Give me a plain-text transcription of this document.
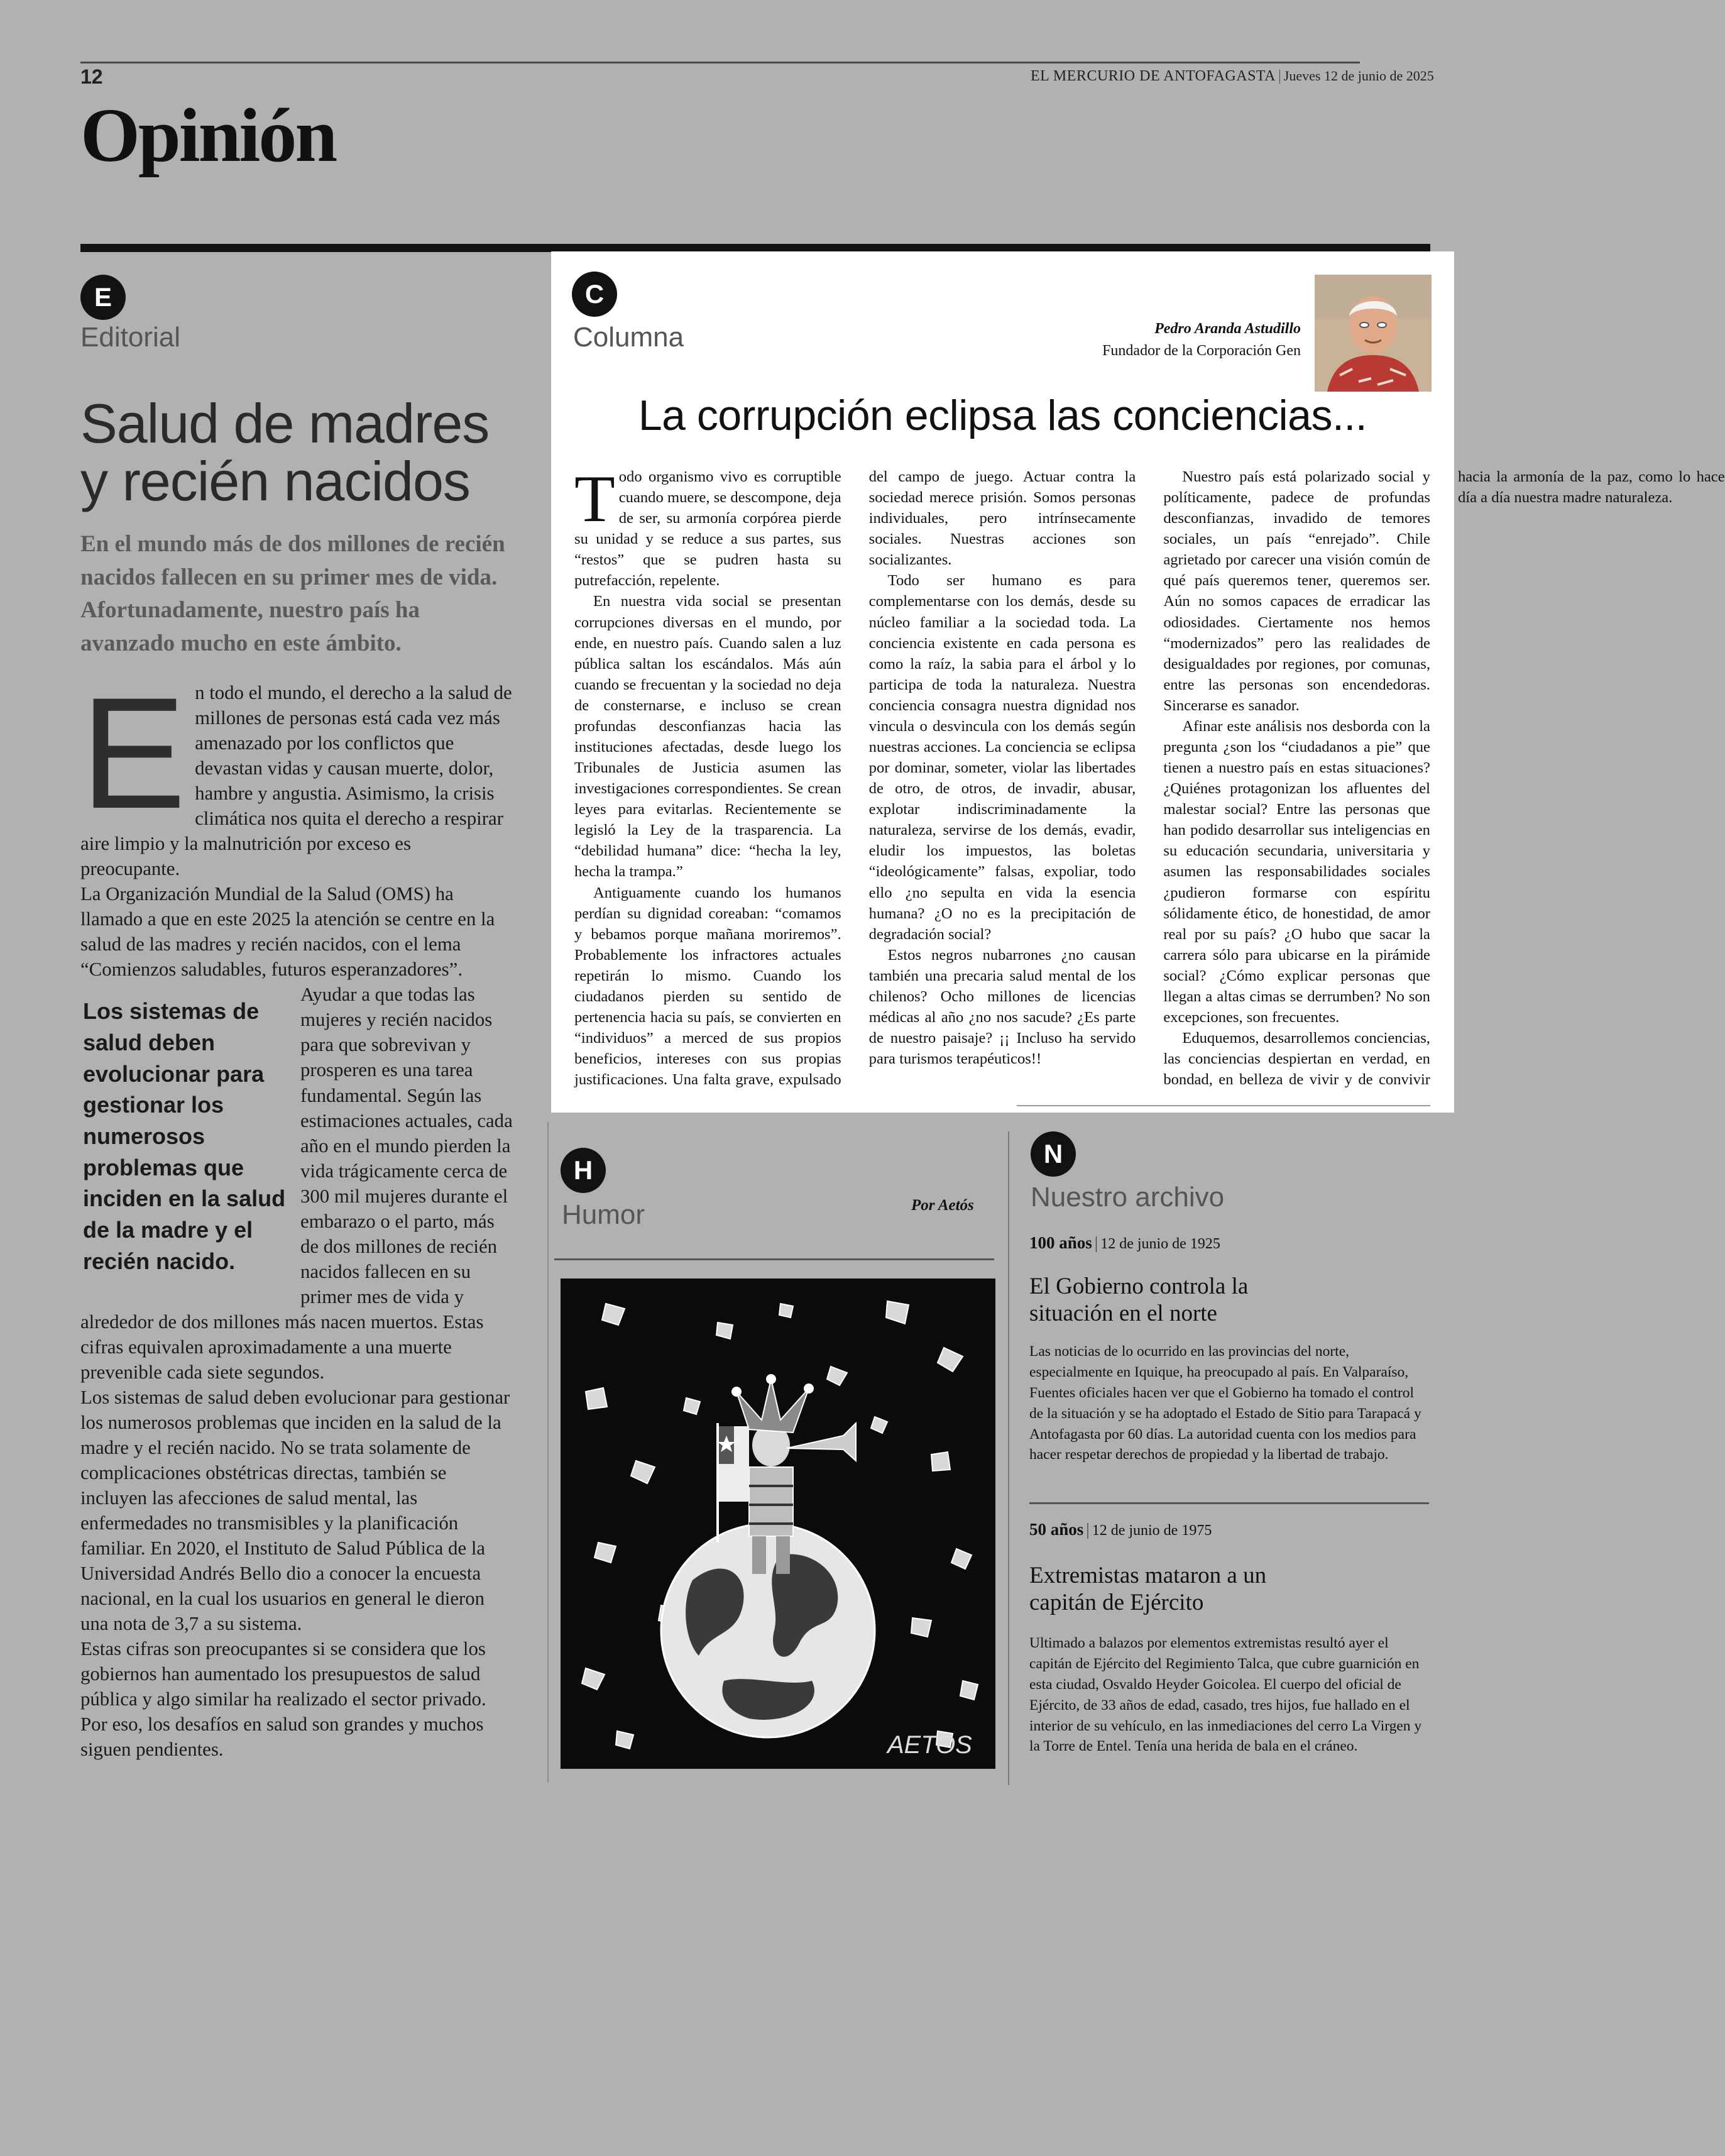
12	EL MERCURIO DE ANTOFAGASTA | Jueves 12 de junio de 2025
Opinión
E
Editorial
Salud de madres y recién nacidos
En el mundo más de dos millones de recién nacidos fallecen en su primer mes de vida. Afortunadamente, nuestro país ha avanzado mucho en este ámbito.

En todo el mundo, el derecho a la salud de millones de personas está cada vez más amenazado por los conflictos que devastan vidas y causan muerte, dolor, hambre y angustia. Asimismo, la crisis climática nos quita el derecho a respirar aire limpio y la malnutrición por exceso es preocupante.

La Organización Mundial de la Salud (OMS) ha llamado a que en este 2025 la atención se centre en la salud de las madres y recién nacidos, con el lema “Comienzos saludables, futuros esperanzadores”.

Los sistemas de salud deben evolucionar para gestionar los numerosos problemas que inciden en la salud de la madre y el recién nacido.

Ayudar a que todas las mujeres y recién nacidos para que sobrevivan y prosperen es una tarea fundamental. Según las estimaciones actuales, cada año en el mundo pierden la vida trágicamente cerca de 300 mil mujeres durante el embarazo o el parto, más de dos millones de recién nacidos fallecen en su primer mes de vida y alrededor de dos millones más nacen muertos. Estas cifras equivalen aproximadamente a una muerte prevenible cada siete segundos.

Los sistemas de salud deben evolucionar para gestionar los numerosos problemas que inciden en la salud de la madre y el recién nacido. No se trata solamente de complicaciones obstétricas directas, también se incluyen las afecciones de salud mental, las enfermedades no transmisibles y la planificación familiar. En 2020, el Instituto de Salud Pública de la Universidad Andrés Bello dio a conocer la encuesta nacional, en la cual los usuarios en general le dieron una nota de 3,7 a su sistema.

Estas cifras son preocupantes si se considera que los gobiernos han aumentado los presupuestos de salud pública y algo similar ha realizado el sector privado. Por eso, los desafíos en salud son grandes y muchos siguen pendientes.

C
Columna	Pedro Aranda Astudillo
Fundador de la Corporación Gen
La corrupción eclipsa las conciencias...

Todo organismo vivo es corruptible cuando muere, se descompone, deja de ser, su armonía corpórea pierde su unidad y se reduce a sus partes, sus “restos” que se pudren hasta su putrefacción, repelente.

En nuestra vida social se presentan corrupciones diversas en el mundo, por ende, en nuestro país. Cuando salen a luz pública saltan los escándalos. Más aún cuando se frecuentan y la sociedad no deja de consternarse, e incluso se crean profundas desconfianzas hacia las instituciones afectadas, desde luego los Tribunales de Justicia asumen las investigaciones correspondientes. Se crean leyes para evitarlas. Recientemente se legisló la Ley de la trasparencia. La “debilidad humana” dice: “hecha la ley, hecha la trampa.”

Antiguamente cuando los humanos perdían su dignidad coreaban: “comamos y bebamos porque mañana moriremos”. Probablemente los infractores actuales repetirán lo mismo. Cuando los ciudadanos pierden su sentido de pertenencia hacia su país, se convierten en “individuos” a merced de sus propios beneficios, intereses con sus propias justificaciones. Una falta grave, expulsado del campo de juego. Actuar contra la sociedad merece prisión. Somos personas individuales, pero intrínsecamente sociales. Nuestras acciones son socializantes.

Todo ser humano es para complementarse con los demás, desde su núcleo familiar a la sociedad toda. La conciencia existente en cada persona es como la raíz, la sabia para el árbol y lo participa de toda la naturaleza. Nuestra conciencia consagra nuestra dignidad nos vincula o desvincula con los demás según nuestras acciones. La conciencia se eclipsa por dominar, someter, violar las libertades de otro, de otros, de invadir, abusar, explotar indiscriminadamente la naturaleza, servirse de los demás, evadir, eludir los impuestos, las boletas “ideológicamente” falsas, expoliar, todo ello ¿no sepulta en vida la esencia humana? ¿O no es la precipitación de degradación social?

Estos negros nubarrones ¿no causan también una precaria salud mental de los chilenos? Ocho millones de licencias médicas al año ¿no nos sacude? ¿Es parte de nuestro paisaje? ¡¡ Incluso ha servido para turismos terapéuticos!!

Nuestro país está polarizado social y políticamente, padece de profundas desconfianzas, invadido de temores sociales, un país “enrejado”. Chile agrietado por carecer una visión común de qué país queremos tener, queremos ser. Aún no somos capaces de erradicar las odiosidades. Ciertamente nos hemos “modernizados” pero las realidades de desigualdades por regiones, por comunas, entre las personas son encendedoras. Sincerarse es sanador.

Afinar este análisis nos desborda con la pregunta ¿son los “ciudadanos a pie” que tienen a nuestro país en estas situaciones? ¿Quiénes protagonizan los afluentes del malestar social? Entre las personas que han podido desarrollar sus inteligencias en su educación secundaria, universitaria y asumen las responsabilidades sociales ¿pudieron formarse con espíritu sólidamente ético, de honestidad, de amor real por su país? ¿O hubo que sacar la carrera sólo para ubicarse en la pirámide social? ¿Cómo explicar personas que llegan a altas cimas se derrumben? No son excepciones, son frecuentes.

Eduquemos, desarrollemos conciencias, las conciencias despiertan en verdad, en bondad, en belleza de vivir y de convivir hacia la armonía de la paz, como lo hace día a día nuestra madre naturaleza.

H
Humor	Por Aetós
AETOS
N
Nuestro archivo
100 años | 12 de junio de 1925
El Gobierno controla la situación en el norte
Las noticias de lo ocurrido en las provincias del norte, especialmente en Iquique, ha preocupado al país. En Valparaíso, Fuentes oficiales hacen ver que el Gobierno ha tomado el control de la situación y se ha adoptado el Estado de Sitio para Tarapacá y Antofagasta por 60 días. La autoridad cuenta con los medios para hacer respetar derechos de propiedad y la libertad de trabajo.
50 años | 12 de junio de 1975
Extremistas mataron a un capitán de Ejército
Ultimado a balazos por elementos extremistas resultó ayer el capitán de Ejército del Regimiento Talca, que cubre guarnición en esta ciudad, Osvaldo Heyder Goicolea. El cuerpo del oficial de Ejército, de 33 años de edad, casado, tres hijos, fue hallado en el interior de su vehículo, en las inmediaciones del cerro La Virgen y la Torre de Entel. Tenía una herida de bala en el cráneo.
